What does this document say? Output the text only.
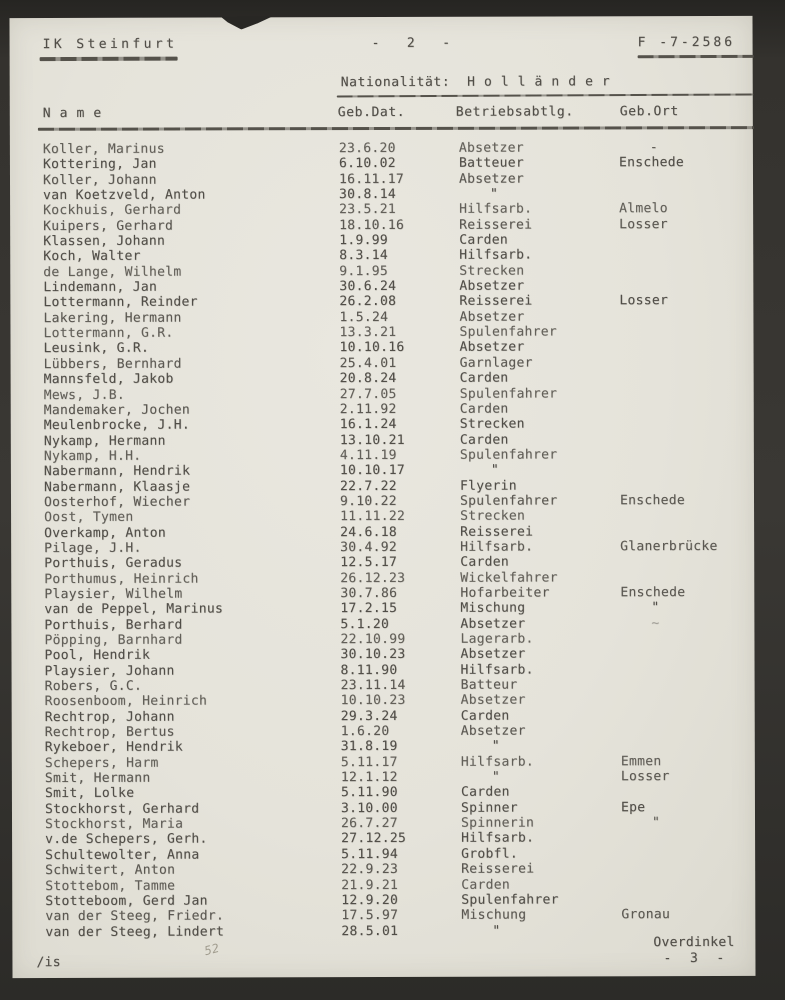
IK Steinfurt	-   2   -	F -7-2586
Nationalität:  H o l l ä n d e r
N a m e	Geb.Dat.	Betriebsabtlg.	Geb.Ort
Koller, Marinus	23.6.20	Absetzer	-
Kottering, Jan	6.10.02	Batteuer	Enschede
Koller, Johann	16.11.17	Absetzer
van Koetzveld, Anton	30.8.14	"
Kockhuis, Gerhard	23.5.21	Hilfsarb.	Almelo
Kuipers, Gerhard	18.10.16	Reisserei	Losser
Klassen, Johann	1.9.99	Carden
Koch, Walter	8.3.14	Hilfsarb.
de Lange, Wilhelm	9.1.95	Strecken
Lindemann, Jan	30.6.24	Absetzer
Lottermann, Reinder	26.2.08	Reisserei	Losser
Lakering, Hermann	1.5.24	Absetzer
Lottermann, G.R.	13.3.21	Spulenfahrer
Leusink, G.R.	10.10.16	Absetzer
Lübbers, Bernhard	25.4.01	Garnlager
Mannsfeld, Jakob	20.8.24	Carden
Mews, J.B.	27.7.05	Spulenfahrer
Mandemaker, Jochen	2.11.92	Carden
Meulenbrocke, J.H.	16.1.24	Strecken
Nykamp, Hermann	13.10.21	Carden
Nykamp, H.H.	4.11.19	Spulenfahrer
Nabermann, Hendrik	10.10.17	"
Nabermann, Klaasje	22.7.22	Flyerin
Oosterhof, Wiecher	9.10.22	Spulenfahrer	Enschede
Oost, Tymen	11.11.22	Strecken
Overkamp, Anton	24.6.18	Reisserei
Pilage, J.H.	30.4.92	Hilfsarb.	Glanerbrücke
Porthuis, Geradus	12.5.17	Carden
Porthumus, Heinrich	26.12.23	Wickelfahrer
Playsier, Wilhelm	30.7.86	Hofarbeiter	Enschede
van de Peppel, Marinus	17.2.15	Mischung	"
Porthuis, Berhard	5.1.20	Absetzer	~
Pöpping, Barnhard	22.10.99	Lagerarb.
Pool, Hendrik	30.10.23	Absetzer
Playsier, Johann	8.11.90	Hilfsarb.
Robers, G.C.	23.11.14	Batteur
Roosenboom, Heinrich	10.10.23	Absetzer
Rechtrop, Johann	29.3.24	Carden
Rechtrop, Bertus	1.6.20	Absetzer
Rykeboer, Hendrik	31.8.19	"
Schepers, Harm	5.11.17	Hilfsarb.	Emmen
Smit, Hermann	12.1.12	"	Losser
Smit, Lolke	5.11.90	Carden
Stockhorst, Gerhard	3.10.00	Spinner	Epe
Stockhorst, Maria	26.7.27	Spinnerin	"
v.de Schepers, Gerh.	27.12.25	Hilfsarb.
Schultewolter, Anna	5.11.94	Grobfl.
Schwitert, Anton	22.9.23	Reisserei
Stottebom, Tamme	21.9.21	Carden
Stotteboom, Gerd Jan	12.9.20	Spulenfahrer
van der Steeg, Friedr.	17.5.97	Mischung	Gronau
van der Steeg, Lindert	28.5.01	"
Overdinkel
-  3  -
/is
52
